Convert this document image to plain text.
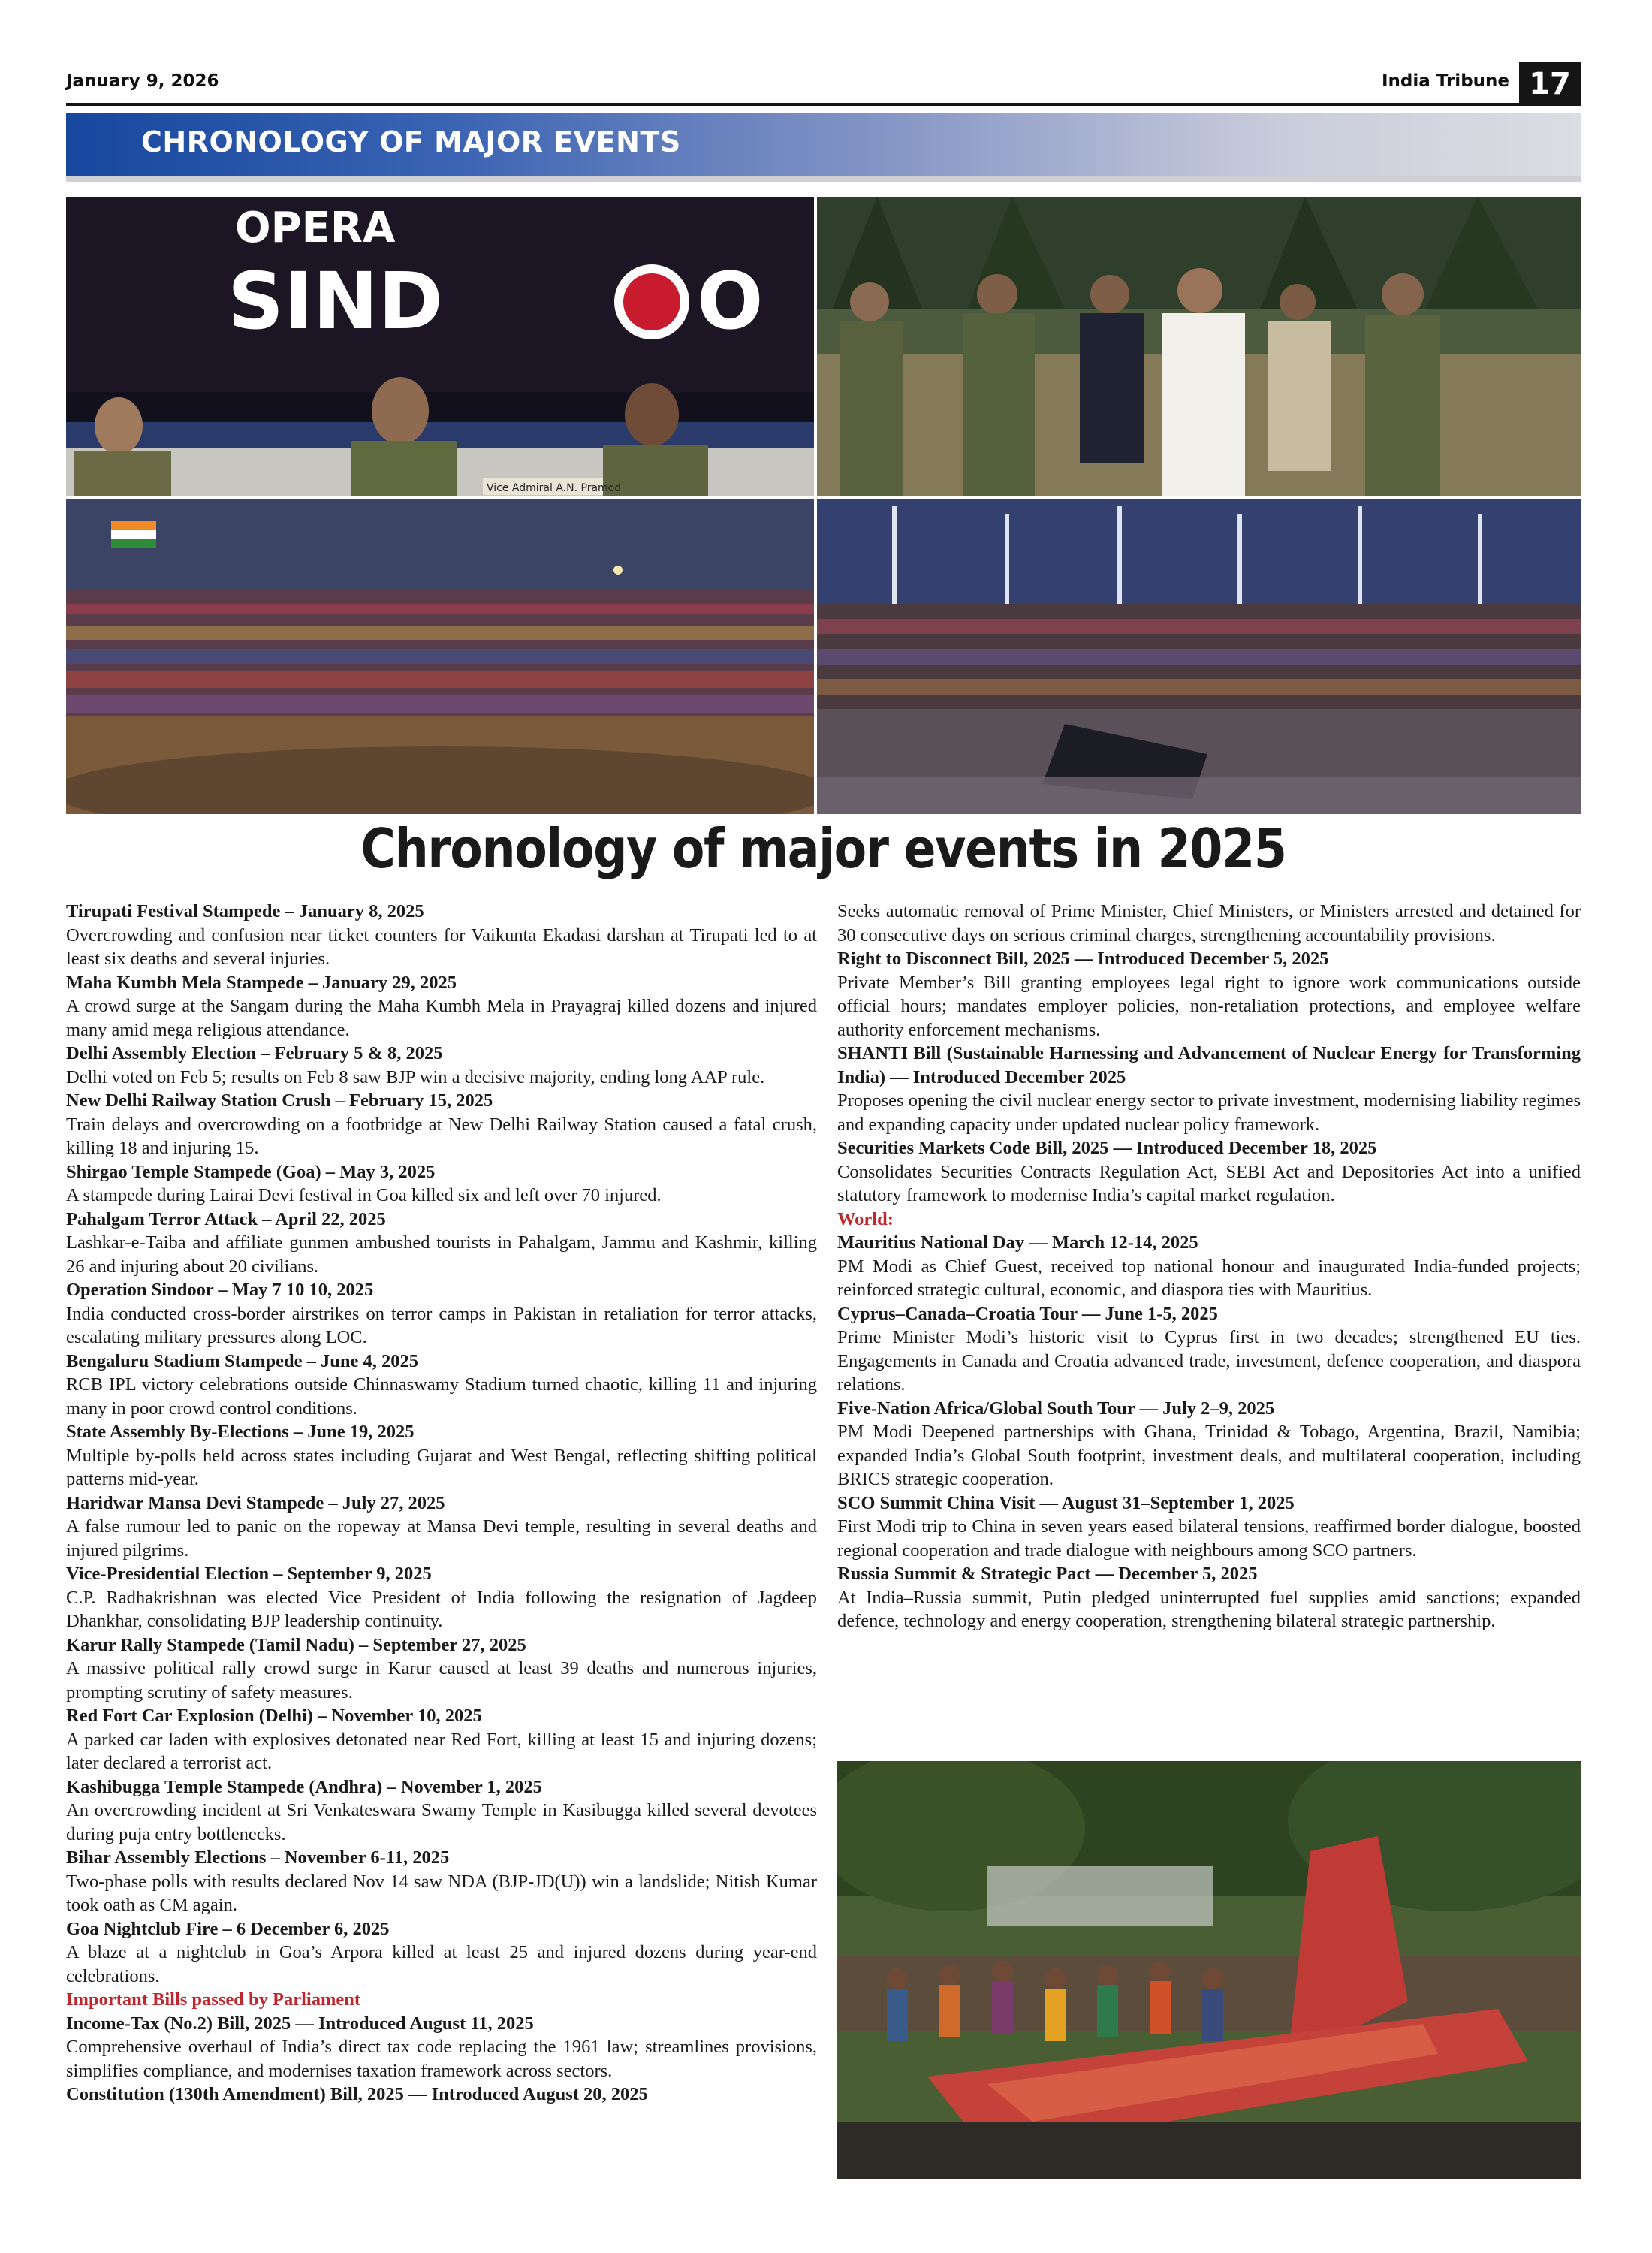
January 9, 2026	India Tribune 17
CHRONOLOGY OF MAJOR EVENTS
OPERA
SIND	O
Vice Admiral A.N. Pramod
Chronology of major events in 2025
Tirupati Festival Stampede – January 8, 2025
Overcrowding and confusion near ticket counters for Vaikunta Ekadasi darshan at Tirupati led to at least six deaths and several injuries.
Maha Kumbh Mela Stampede – January 29, 2025
A crowd surge at the Sangam during the Maha Kumbh Mela in Prayagraj killed dozens and injured many amid mega religious attendance.
Delhi Assembly Election – February 5 & 8, 2025
Delhi voted on Feb 5; results on Feb 8 saw BJP win a decisive majority, ending long AAP rule.
New Delhi Railway Station Crush – February 15, 2025
Train delays and overcrowding on a footbridge at New Delhi Railway Station caused a fatal crush, killing 18 and injuring 15.
Shirgao Temple Stampede (Goa) – May 3, 2025
A stampede during Lairai Devi festival in Goa killed six and left over 70 injured.
Pahalgam Terror Attack – April 22, 2025
Lashkar-e-Taiba and affiliate gunmen ambushed tourists in Pahalgam, Jammu and Kashmir, killing 26 and injuring about 20 civilians.
Operation Sindoor – May 7 10 10, 2025
India conducted cross-border airstrikes on terror camps in Pakistan in retaliation for terror attacks, escalating military pressures along LOC.
Bengaluru Stadium Stampede – June 4, 2025
RCB IPL victory celebrations outside Chinnaswamy Stadium turned chaotic, killing 11 and injuring many in poor crowd control conditions.
State Assembly By-Elections – June 19, 2025
Multiple by-polls held across states including Gujarat and West Bengal, reflecting shifting political patterns mid-year.
Haridwar Mansa Devi Stampede – July 27, 2025
A false rumour led to panic on the ropeway at Mansa Devi temple, resulting in several deaths and injured pilgrims.
Vice-Presidential Election – September 9, 2025
C.P. Radhakrishnan was elected Vice President of India following the resignation of Jagdeep Dhankhar, consolidating BJP leadership continuity.
Karur Rally Stampede (Tamil Nadu) – September 27, 2025
A massive political rally crowd surge in Karur caused at least 39 deaths and numerous injuries, prompting scrutiny of safety measures.
Red Fort Car Explosion (Delhi) – November 10, 2025
A parked car laden with explosives detonated near Red Fort, killing at least 15 and injuring dozens; later declared a terrorist act.
Kashibugga Temple Stampede (Andhra) – November 1, 2025
An overcrowding incident at Sri Venkateswara Swamy Temple in Kasibugga killed several devotees during puja entry bottlenecks.
Bihar Assembly Elections – November 6-11, 2025
Two-phase polls with results declared Nov 14 saw NDA (BJP-JD(U)) win a landslide; Nitish Kumar took oath as CM again.
Goa Nightclub Fire – 6 December 6, 2025
A blaze at a nightclub in Goa’s Arpora killed at least 25 and injured dozens during year-end celebrations.
Important Bills passed by Parliament
Income-Tax (No.2) Bill, 2025 — Introduced August 11, 2025
Comprehensive overhaul of India’s direct tax code replacing the 1961 law; streamlines provisions, simplifies compliance, and modernises taxation framework across sectors.
Constitution (130th Amendment) Bill, 2025 — Introduced August 20, 2025
Seeks automatic removal of Prime Minister, Chief Ministers, or Ministers arrested and detained for 30 consecutive days on serious criminal charges, strengthening accountability provisions.
Right to Disconnect Bill, 2025 — Introduced December 5, 2025
Private Member’s Bill granting employees legal right to ignore work communications outside official hours; mandates employer policies, non-retaliation protections, and employee welfare authority enforcement mechanisms.
SHANTI Bill (Sustainable Harnessing and Advancement of Nuclear Energy for Transforming India) — Introduced December 2025
Proposes opening the civil nuclear energy sector to private investment, modernising liability regimes and expanding capacity under updated nuclear policy framework.
Securities Markets Code Bill, 2025 — Introduced December 18, 2025
Consolidates Securities Contracts Regulation Act, SEBI Act and Depositories Act into a unified statutory framework to modernise India’s capital market regulation.
World:
Mauritius National Day — March 12-14, 2025
PM Modi as Chief Guest, received top national honour and inaugurated India-funded projects; reinforced strategic cultural, economic, and diaspora ties with Mauritius.
Cyprus–Canada–Croatia Tour — June 1-5, 2025
Prime Minister Modi’s historic visit to Cyprus first in two decades; strengthened EU ties. Engagements in Canada and Croatia advanced trade, investment, defence cooperation, and diaspora relations.
Five-Nation Africa/Global South Tour — July 2–9, 2025
PM Modi Deepened partnerships with Ghana, Trinidad & Tobago, Argentina, Brazil, Namibia; expanded India’s Global South footprint, investment deals, and multilateral cooperation, including BRICS strategic cooperation.
SCO Summit China Visit — August 31–September 1, 2025
First Modi trip to China in seven years eased bilateral tensions, reaffirmed border dialogue, boosted regional cooperation and trade dialogue with neighbours among SCO partners.
Russia Summit & Strategic Pact — December 5, 2025
At India–Russia summit, Putin pledged uninterrupted fuel supplies amid sanctions; expanded defence, technology and energy cooperation, strengthening bilateral strategic partnership.
